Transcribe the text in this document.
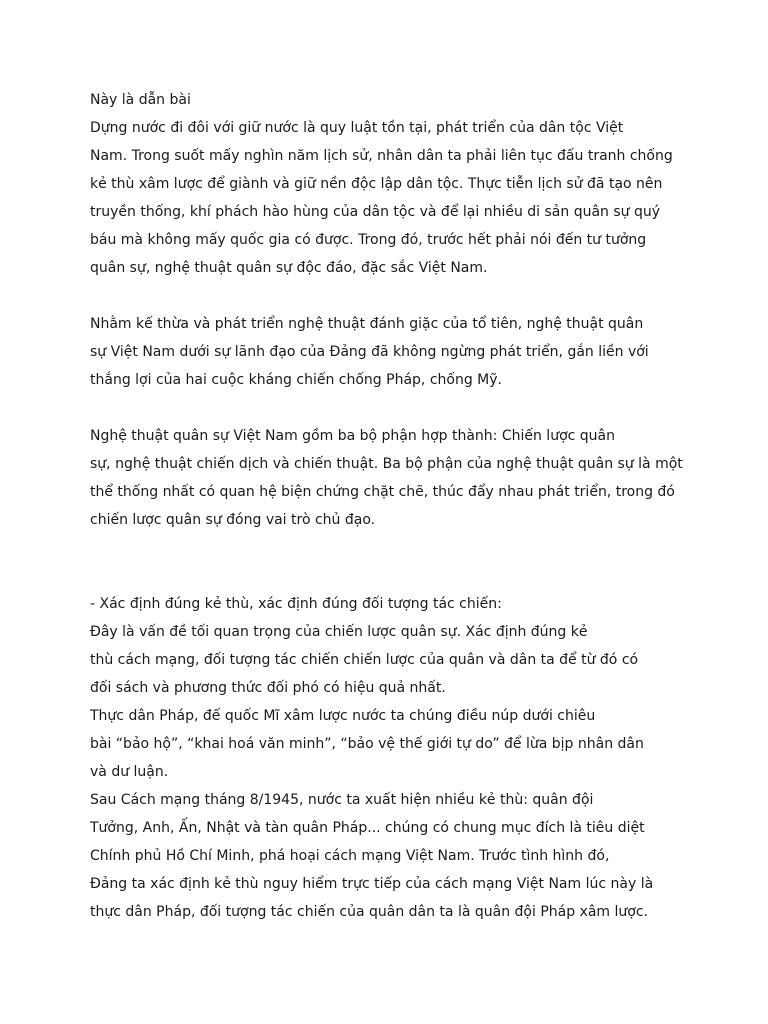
Này là dẫn bài
Dựng nước đi đôi với giữ nước là quy luật tồn tại, phát triển của dân tộc Việt
Nam. Trong suốt mấy nghìn năm lịch sử, nhân dân ta phải liên tục đấu tranh chống
kẻ thù xâm lược để giành và giữ nền độc lập dân tộc. Thực tiễn lịch sử đã tạo nên
truyền thống, khí phách hào hùng của dân tộc và để lại nhiều di sản quân sự quý
báu mà không mấy quốc gia có được. Trong đó, trước hết phải nói đến tư tưởng
quân sự, nghệ thuật quân sự độc đáo, đặc sắc Việt Nam.
Nhằm kế thừa và phát triển nghệ thuật đánh giặc của tổ tiên, nghệ thuật quân
sự Việt Nam dưới sự lãnh đạo của Đảng đã không ngừng phát triển, gắn liền với
thắng lợi của hai cuộc kháng chiến chống Pháp, chống Mỹ.
Nghệ thuật quân sự Việt Nam gồm ba bộ phận hợp thành: Chiến lược quân
sự, nghệ thuật chiến dịch và chiến thuật. Ba bộ phận của nghệ thuật quân sự là một
thể thống nhất có quan hệ biện chứng chặt chẽ, thúc đẩy nhau phát triển, trong đó
chiến lược quân sự đóng vai trò chủ đạo.
- Xác định đúng kẻ thù, xác định đúng đối tượng tác chiến:
Đây là vấn đề tối quan trọng của chiến lược quân sự. Xác định đúng kẻ
thù cách mạng, đối tượng tác chiến chiến lược của quân và dân ta để từ đó có
đối sách và phương thức đối phó có hiệu quả nhất.
Thực dân Pháp, đế quốc Mĩ xâm lược nước ta chúng điều núp dưới chiêu
bài “bảo hộ”, “khai hoá văn minh”, “bảo vệ thế giới tự do” để lừa bịp nhân dân
và dư luận.
Sau Cách mạng tháng 8/1945, nước ta xuất hiện nhiều kẻ thù: quân đội
Tưởng, Anh, Ấn, Nhật và tàn quân Pháp... chúng có chung mục đích là tiêu diệt
Chính phủ Hồ Chí Minh, phá hoại cách mạng Việt Nam. Trước tình hình đó,
Đảng ta xác định kẻ thù nguy hiểm trực tiếp của cách mạng Việt Nam lúc này là
thực dân Pháp, đối tượng tác chiến của quân dân ta là quân đội Pháp xâm lược.
